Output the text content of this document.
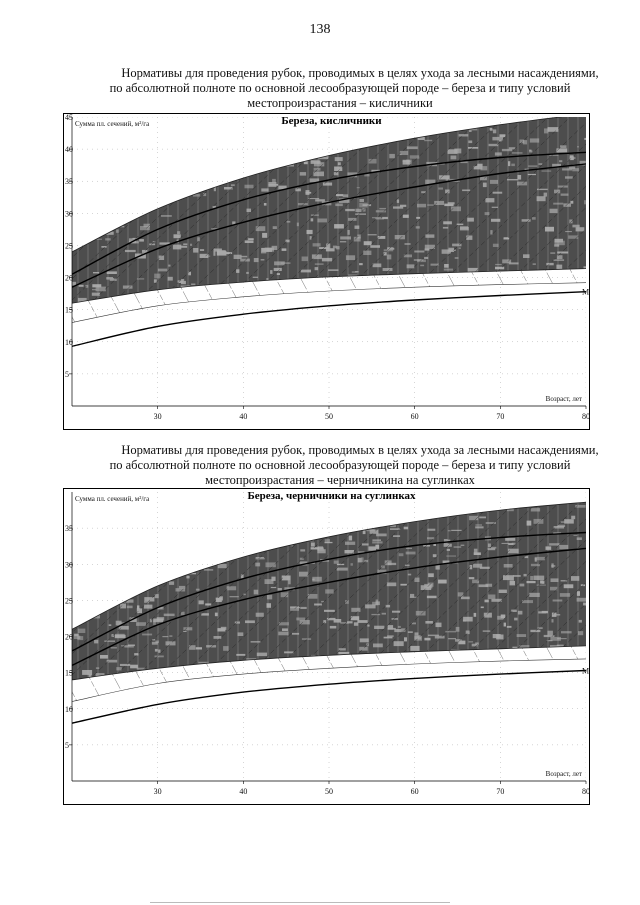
138
Нормативы для проведения рубок, проводимых в целях ухода за лесными насаждениями,
по абсолютной полноте по основной лесообразующей породе – береза и типу условий
местопроизрастания – кисличники
Береза, кисличники
Сумма пл. сечений, м²/га
Возраст, лет
М
30	40	50	60	70	80
5
10
15
20
25
30
35
40
45
Нормативы для проведения рубок, проводимых в целях ухода за лесными насаждениями,
по абсолютной полноте по основной лесообразующей породе – береза и типу условий
местопроизрастания – черничникина на суглинках
Береза, черничники на суглинках
Сумма пл. сечений, м²/га
Возраст, лет
М
30	40	50	60	70	80
5
10
15
20
25
30
35
